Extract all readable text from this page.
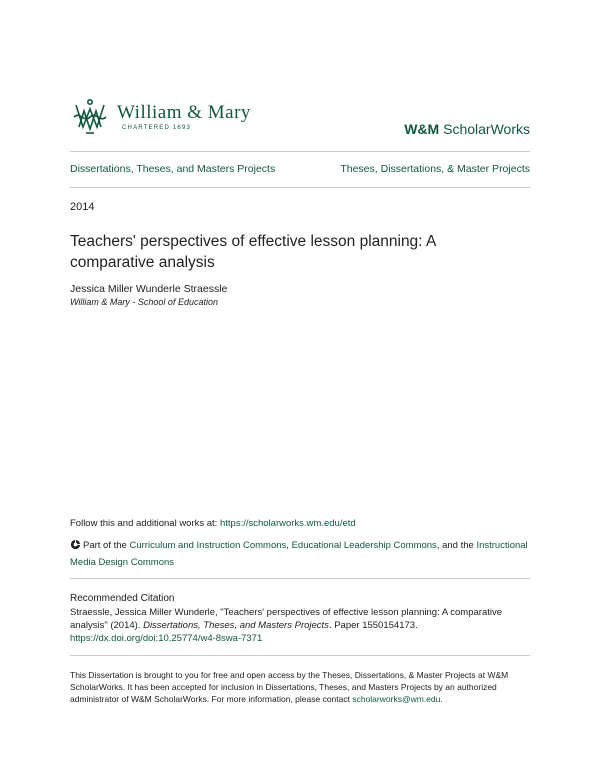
William & Mary
CHARTERED 1693	W&M ScholarWorks
Dissertations, Theses, and Masters Projects	Theses, Dissertations, & Master Projects
2014
Teachers' perspectives of effective lesson planning: A comparative analysis
Jessica Miller Wunderle Straessle
William & Mary - School of Education
Follow this and additional works at: https://scholarworks.wm.edu/etd
Part of the Curriculum and Instruction Commons, Educational Leadership Commons, and the Instructional Media Design Commons
Recommended Citation
Straessle, Jessica Miller Wunderle, "Teachers' perspectives of effective lesson planning: A comparative analysis" (2014). Dissertations, Theses, and Masters Projects. Paper 1550154173.
https://dx.doi.org/doi:10.25774/w4-8swa-7371
This Dissertation is brought to you for free and open access by the Theses, Dissertations, & Master Projects at W&M ScholarWorks. It has been accepted for inclusion in Dissertations, Theses, and Masters Projects by an authorized administrator of W&M ScholarWorks. For more information, please contact scholarworks@wm.edu.
